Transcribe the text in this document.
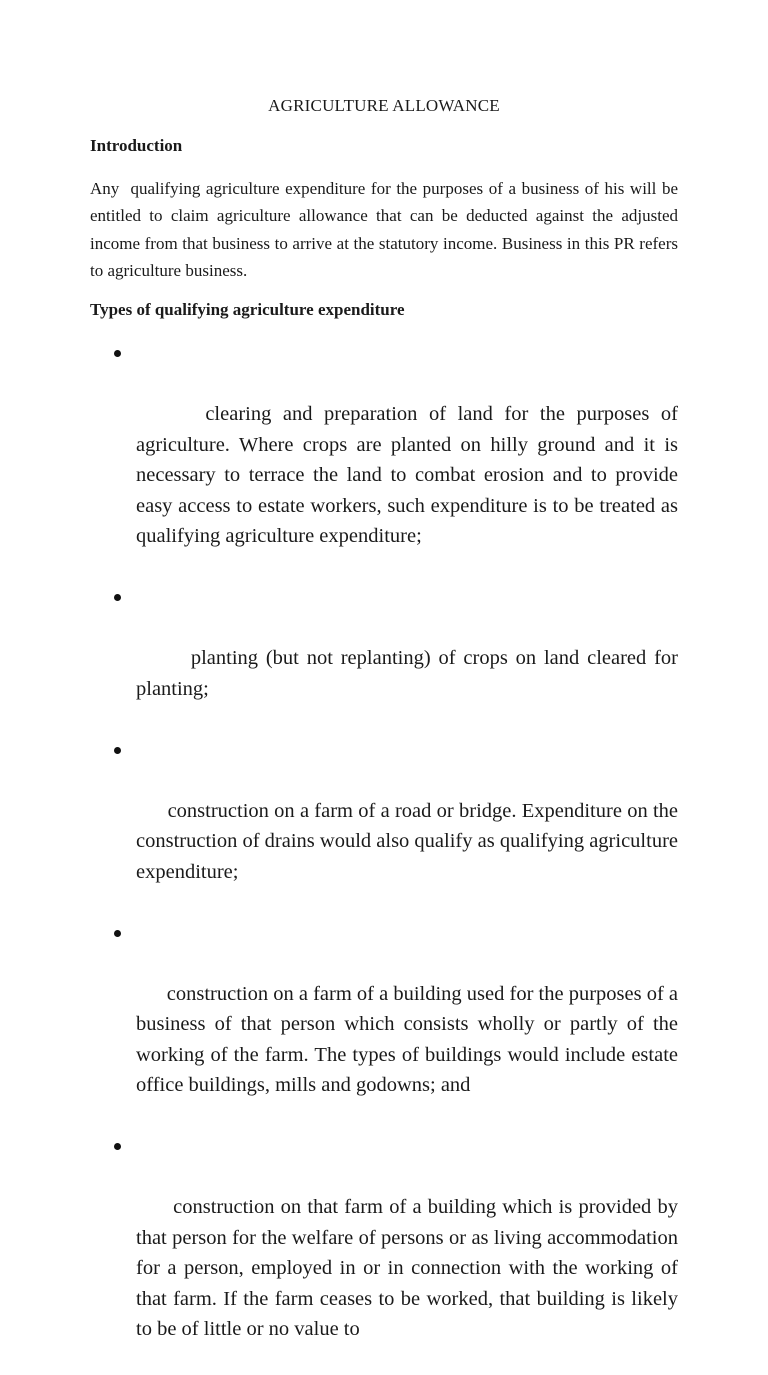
AGRICULTURE ALLOWANCE
Introduction

Any  qualifying agriculture expenditure for the purposes of a business of his will be entitled to claim agriculture allowance that can be deducted against the adjusted income from that business to arrive at the statutory income. Business in this PR refers to agriculture business.

Types of qualifying agriculture expenditure

clearing and preparation of land for the purposes of agriculture. Where crops are planted on hilly ground and it is necessary to terrace the land to combat erosion and to provide easy access to estate workers, such expenditure is to be treated as qualifying agriculture expenditure;

planting (but not replanting) of crops on land cleared for planting;

construction on a farm of a road or bridge. Expenditure on the construction of drains would also qualify as qualifying agriculture expenditure;

construction on a farm of a building used for the purposes of a business of that person which consists wholly or partly of the working of the farm. The types of buildings would include estate office buildings, mills and godowns; and

construction on that farm of a building which is provided by that person for the welfare of persons or as living accommodation for a person, employed in or in connection with the working of that farm. If the farm ceases to be worked, that building is likely to be of little or no value to
